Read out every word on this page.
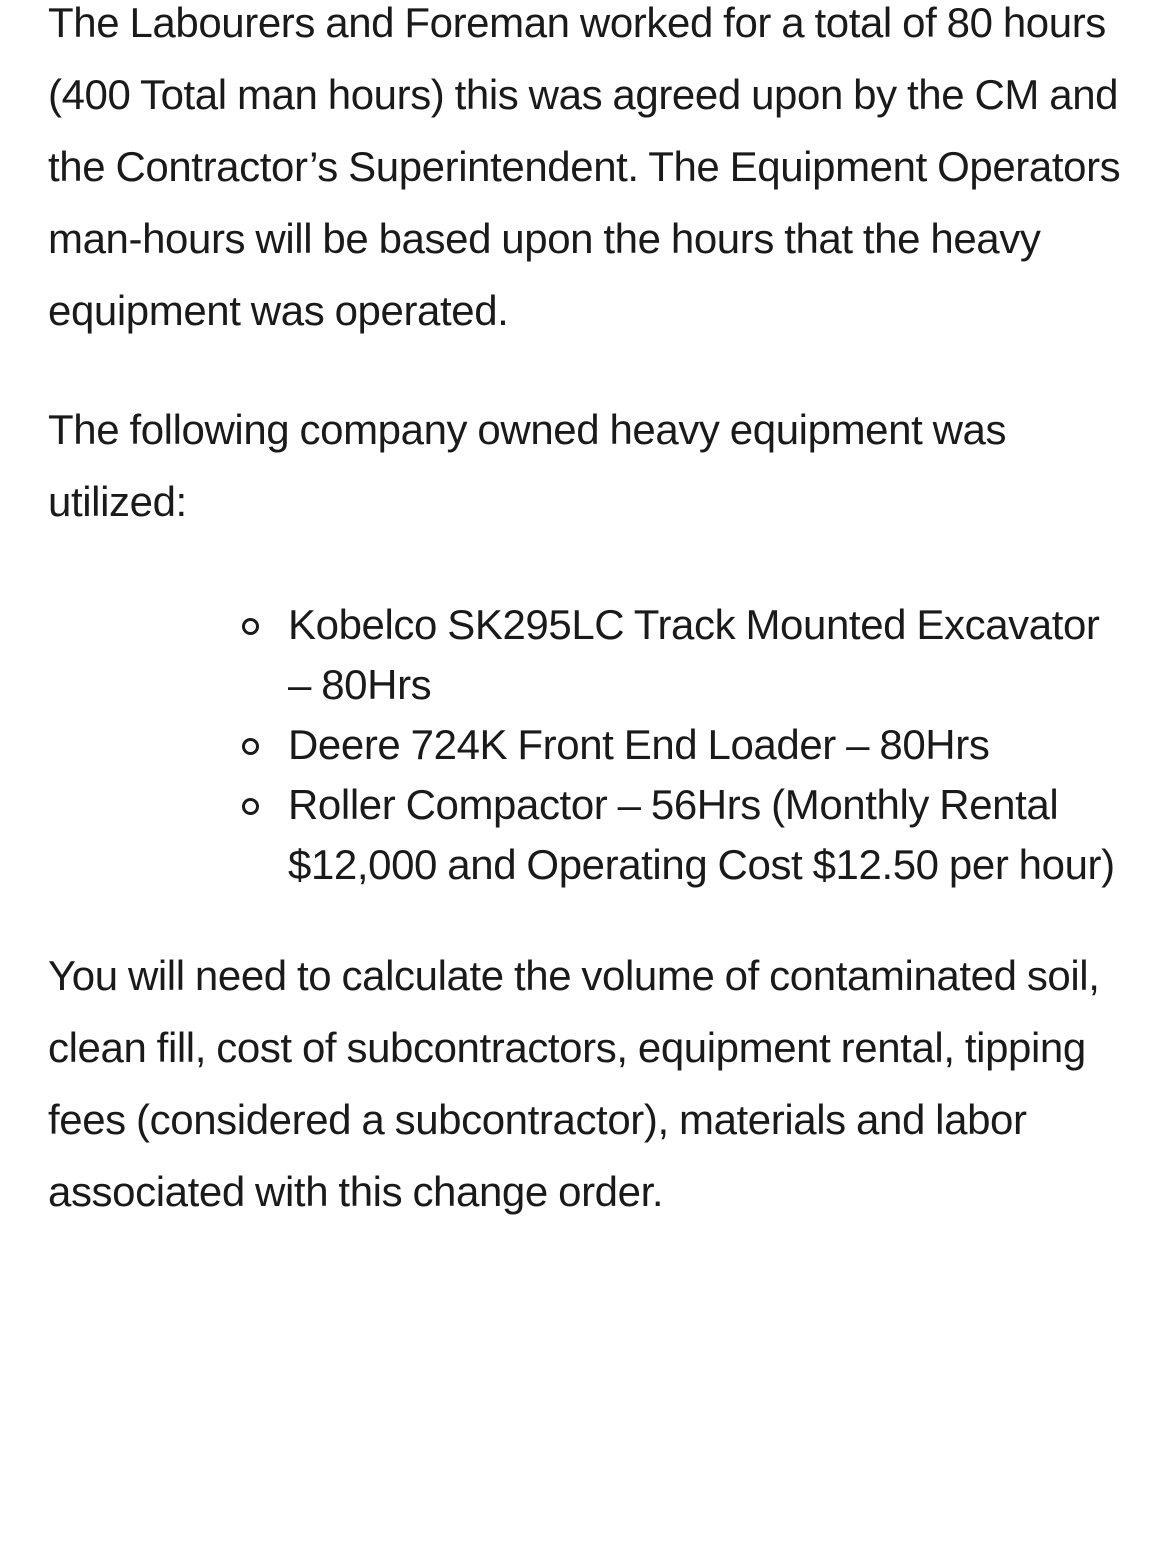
The Labourers and Foreman worked for a total of 80 hours (400 Total man hours) this was agreed upon by the CM and the Contractor’s Superintendent. The Equipment Operators man-hours will be based upon the hours that the heavy equipment was operated.

The following company owned heavy equipment was utilized:

Kobelco SK295LC Track Mounted Excavator – 80Hrs
Deere 724K Front End Loader – 80Hrs
Roller Compactor – 56Hrs (Monthly Rental $12,000 and Operating Cost $12.50 per hour)

You will need to calculate the volume of contaminated soil, clean fill, cost of subcontractors, equipment rental, tipping fees (considered a subcontractor), materials and labor associated with this change order.
